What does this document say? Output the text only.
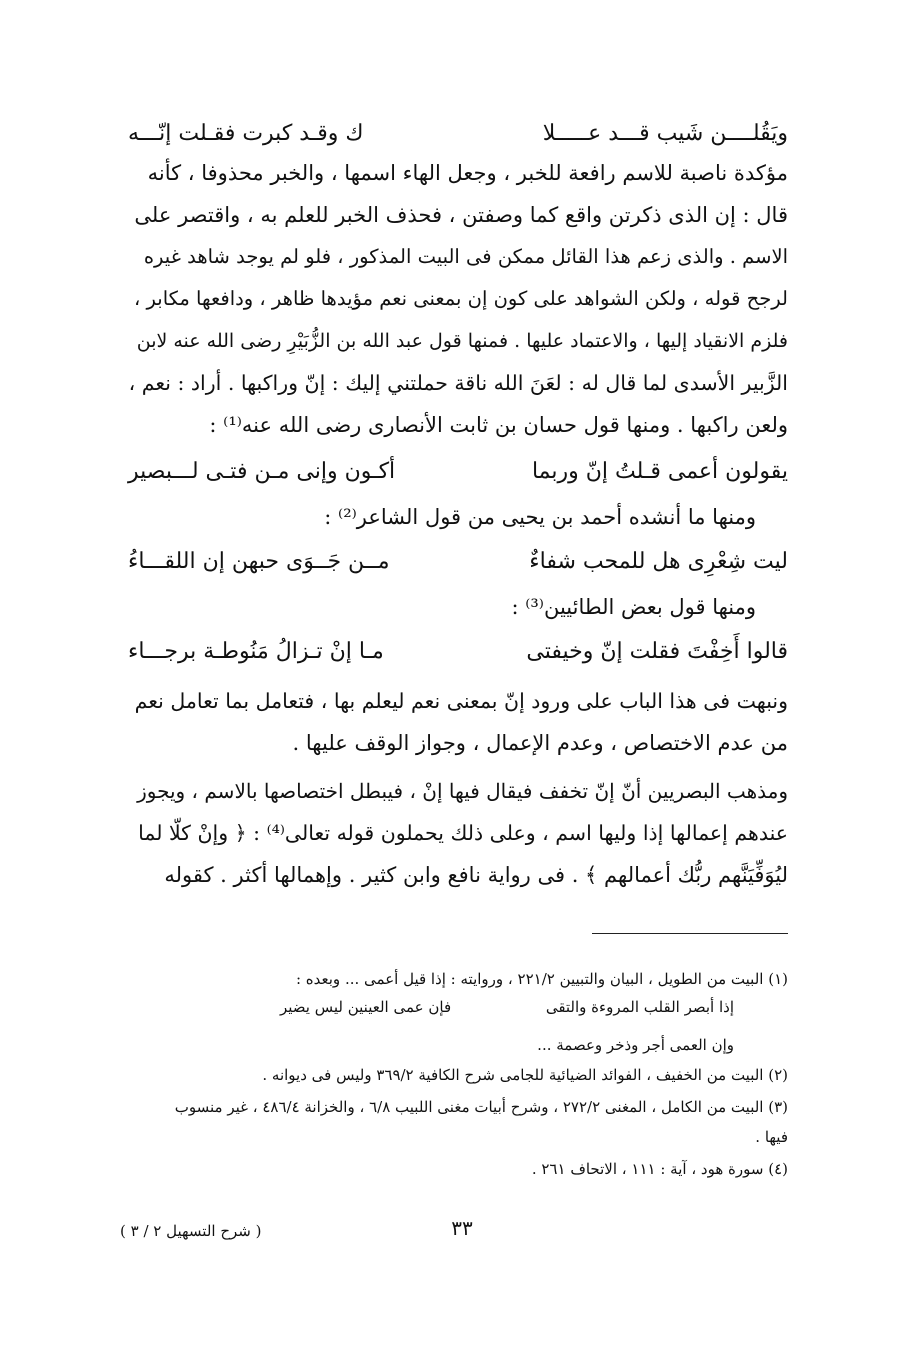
ويَقُلــــن شَيب قـــد عـــــلا
ك وقـد كبرت فقـلت إنّـــه
مؤكدة ناصبة للاسم رافعة للخبر ، وجعل الهاء اسمها ، والخبر محذوفا ، كأنه
قال : إن الذى ذكرتن واقع كما وصفتن ، فحذف الخبر للعلم به ، واقتصر على
الاسم . والذى زعم هذا القائل ممكن فى البيت المذكور ، فلو لم يوجد شاهد غيره
لرجح قوله ، ولكن الشواهد على كون إن بمعنى نعم مؤيدها ظاهر ، ودافعها مكابر ،
فلزم الانقياد إليها ، والاعتماد عليها . فمنها قول عبد الله بن الزُّبَيْرِ رضى الله عنه لابن
الزَّبير الأسدى لما قال له : لعَنَ الله ناقة حملتني إليك : إنّ وراكبها . أراد : نعم ،
ولعن راكبها . ومنها قول حسان بن ثابت الأنصارى رضى الله عنه⁽¹⁾ :
يقولون أعمى قـلتُ إنّ وربما
أكـون وإنى مـن فتـى لـــبصير
ومنها ما أنشده أحمد بن يحيى من قول الشاعر⁽²⁾ :
ليت شِعْرِى هل للمحب شفاءٌ
مــن جَــوَى حبهن إن اللقـــاءُ
ومنها قول بعض الطائيين⁽³⁾ :
قالوا أَخِفْتَ فقلت إنّ وخيفتى
مـا إنْ تـزالُ مَنُوطـة برجـــاء
ونبهت فى هذا الباب على ورود إنّ بمعنى نعم ليعلم بها ، فتعامل بما تعامل نعم
من عدم الاختصاص ، وعدم الإعمال ، وجواز الوقف عليها .
ومذهب البصريين أنّ إنّ تخفف فيقال فيها إنْ ، فيبطل اختصاصها بالاسم ، ويجوز
عندهم إعمالها إذا وليها اسم ، وعلى ذلك يحملون قوله تعالى⁽⁴⁾ : ﴿ وإنْ كلّا لما
ليُوَفِّيَنَّهم ربُّك أعمالهم ﴾ . فى رواية نافع وابن كثير . وإهمالها أكثر . كقوله
(١) البيت من الطويل ، البيان والتبيين ٢٢١/٢ ، وروايته : إذا قيل أعمى ... وبعده :
إذا أبصر القلب المروءة والتقى
فإن عمى العينين ليس يضير
وإن العمى أجر وذخر وعصمة ...
(٢) البيت من الخفيف ، الفوائد الضيائية للجامى شرح الكافية ٣٦٩/٢ وليس فى ديوانه .
(٣) البيت من الكامل ، المغنى ٢٧٢/٢ ، وشرح أبيات مغنى اللبيب ٦/٨ ، والخزانة ٤٨٦/٤ ، غير منسوب
فيها .
(٤) سورة هود ، آية : ١١١ ، الاتحاف ٢٦١ .
٣٣
( شرح التسهيل ٢ / ٣ )
